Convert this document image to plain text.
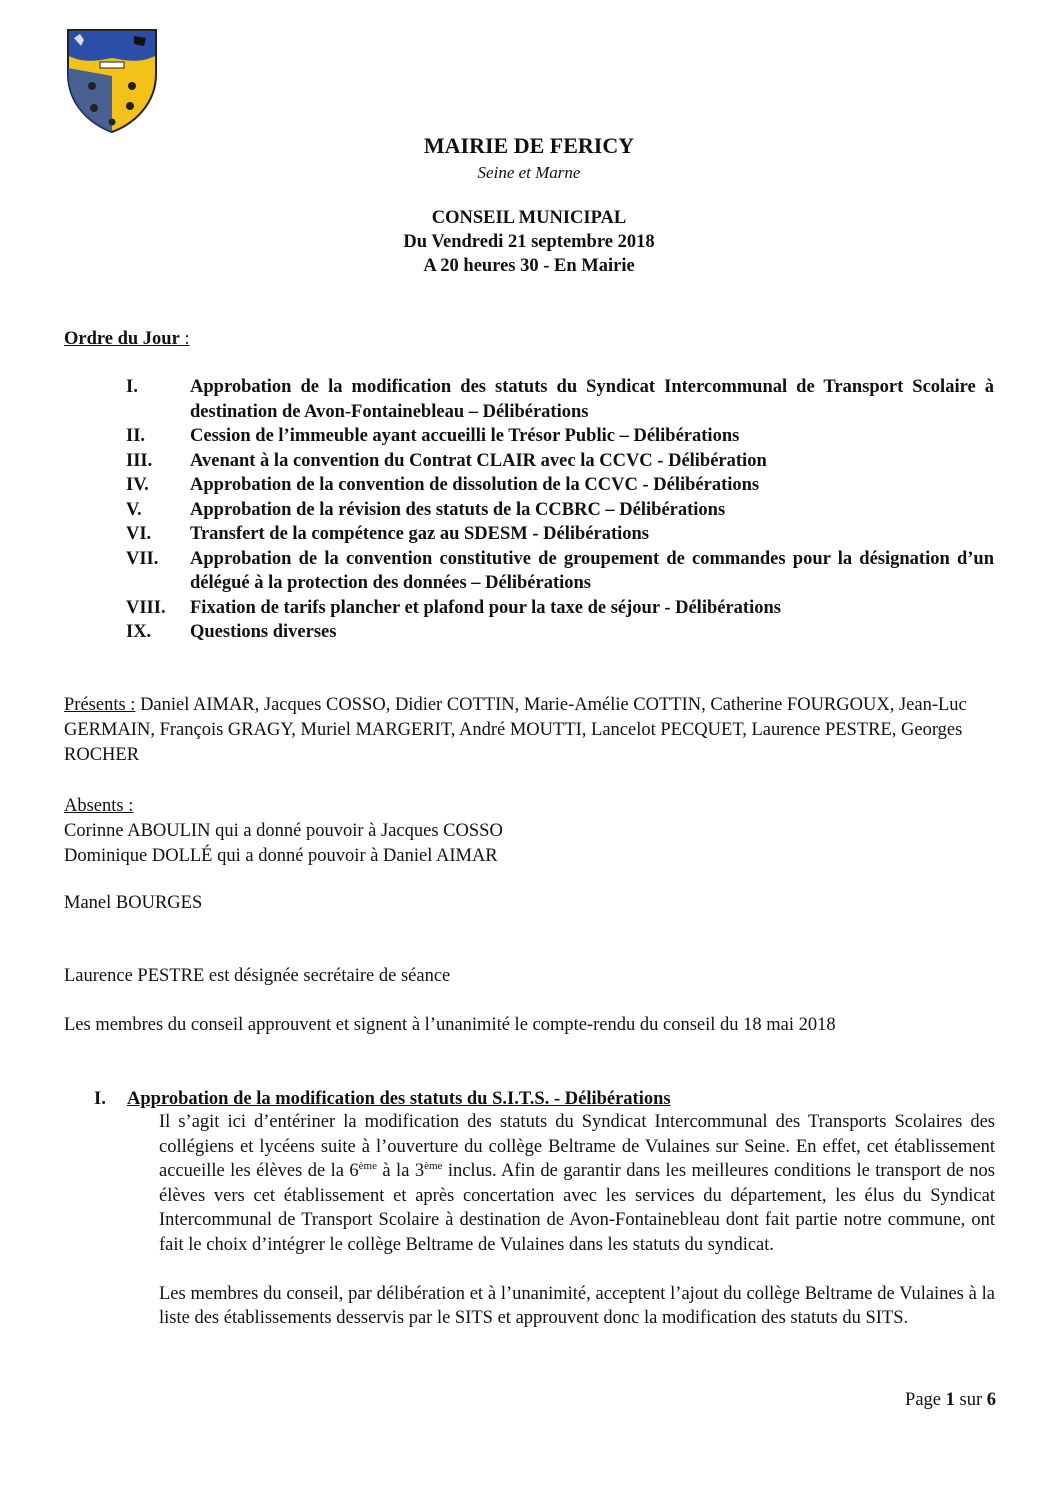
MAIRIE DE FERICY
Seine et Marne
CONSEIL MUNICIPAL
Du Vendredi 21 septembre 2018
A 20 heures 30 - En Mairie
Ordre du Jour :
I.	Approbation de la modification des statuts du Syndicat Intercommunal de Transport Scolaire à destination de Avon-Fontainebleau – Délibérations
II.	Cession de l’immeuble ayant accueilli le Trésor Public – Délibérations
III.	Avenant à la convention du Contrat CLAIR avec la CCVC - Délibération
IV.	Approbation de la convention de dissolution de la CCVC - Délibérations
V.	Approbation de la révision des statuts de la CCBRC – Délibérations
VI.	Transfert de la compétence gaz au SDESM - Délibérations
VII.	Approbation de la convention constitutive de groupement de commandes pour la désignation d’un délégué à la protection des données – Délibérations
VIII.	Fixation de tarifs plancher et plafond pour la taxe de séjour - Délibérations
IX.	Questions diverses
Présents : Daniel AIMAR, Jacques COSSO, Didier COTTIN, Marie-Amélie COTTIN, Catherine FOURGOUX, Jean-Luc GERMAIN, François GRAGY, Muriel MARGERIT, André MOUTTI, Lancelot PECQUET, Laurence PESTRE, Georges ROCHER
Absents :
Corinne ABOULIN qui a donné pouvoir à Jacques COSSO
Dominique DOLLÉ qui a donné pouvoir à Daniel AIMAR
Manel BOURGES
Laurence PESTRE est désignée secrétaire de séance
Les membres du conseil approuvent et signent à l’unanimité le compte-rendu du conseil du 18 mai 2018
I. Approbation de la modification des statuts du S.I.T.S. - Délibérations

Il s’agit ici d’entériner la modification des statuts du Syndicat Intercommunal des Transports Scolaires des collégiens et lycéens suite à l’ouverture du collège Beltrame de Vulaines sur Seine. En effet, cet établissement accueille les élèves de la 6ème à la 3ème inclus. Afin de garantir dans les meilleures conditions le transport de nos élèves vers cet établissement et après concertation avec les services du département, les élus du Syndicat Intercommunal de Transport Scolaire à destination de Avon-Fontainebleau dont fait partie notre commune, ont fait le choix d’intégrer le collège Beltrame de Vulaines dans les statuts du syndicat.

Les membres du conseil, par délibération et à l’unanimité, acceptent l’ajout du collège Beltrame de Vulaines à la liste des établissements desservis par le SITS et approuvent donc la modification des statuts du SITS.

Page 1 sur 6
